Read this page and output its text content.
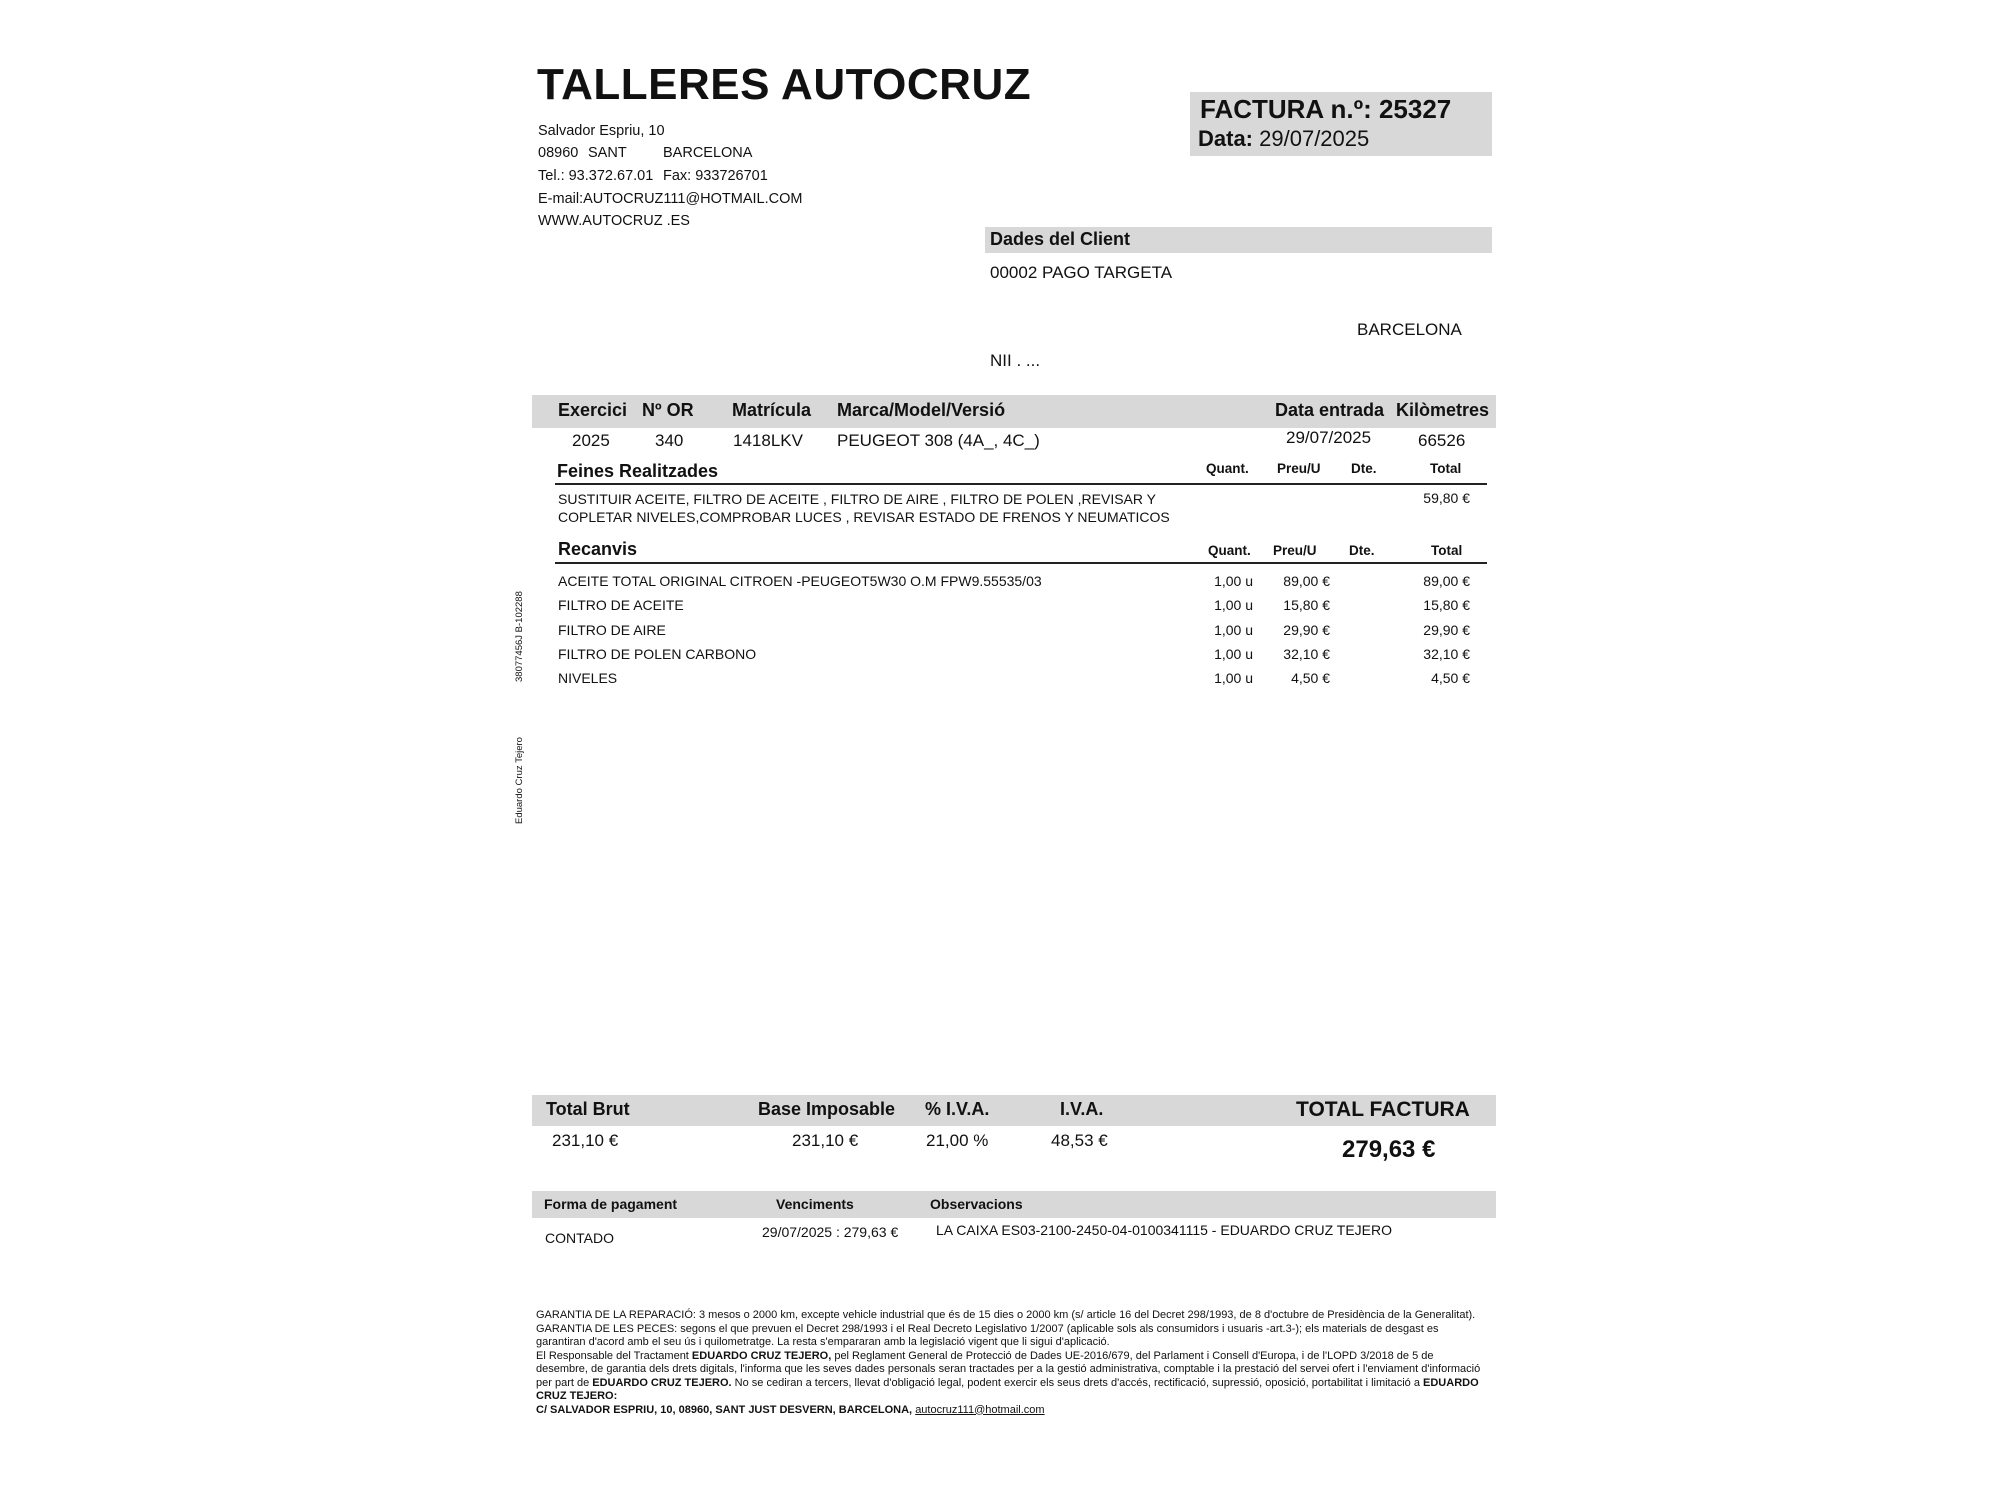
38077456J B-102288
Eduardo Cruz Tejero
TALLERES AUTOCRUZ
Salvador Espriu, 10
08960 SANT	BARCELONA
Tel.: 93.372.67.01 Fax: 933726701
E-mail:AUTOCRUZ111@HOTMAIL.COM
WWW.AUTOCRUZ .ES
FACTURA n.º: 25327
Data: 29/07/2025
Dades del Client
00002 PAGO TARGETA
BARCELONA
NII . ...
Exercici Nº OR Matrícula Marca/Model/Versió	Data entrada Kilòmetres
2025	340	1418LKV PEUGEOT 308 (4A_, 4C_)	29/07/2025	66526
Feines Realitzades	Quant. Preu/U Dte.	Total
SUSTITUIR ACEITE, FILTRO DE ACEITE , FILTRO DE AIRE , FILTRO DE POLEN ,REVISAR Y
COPLETAR NIVELES,COMPROBAR LUCES , REVISAR ESTADO DE FRENOS Y NEUMATICOS
59,80 €
Recanvis	Quant. Preu/U Dte.	Total
ACEITE TOTAL ORIGINAL CITROEN -PEUGEOT5W30 O.M FPW9.55535/03	1,00 u	89,00 €	89,00 €
FILTRO DE ACEITE	1,00 u	15,80 €	15,80 €
FILTRO DE AIRE	1,00 u	29,90 €	29,90 €
FILTRO DE POLEN CARBONO	1,00 u	32,10 €	32,10 €
NIVELES	1,00 u	4,50 €	4,50 €
Total Brut	Base Imposable % I.V.A.	I.V.A.	TOTAL FACTURA
231,10 €	231,10 €	21,00 %	48,53 €	279,63 €
Forma de pagament	Venciments	Observacions
CONTADO	29/07/2025 : 279,63 €	LA CAIXA ES03-2100-2450-04-0100341115 - EDUARDO CRUZ TEJERO

GARANTIA DE LA REPARACIÓ: 3 mesos o 2000 km, excepte vehicle industrial que és de 15 dies o 2000 km (s/ article 16 del Decret 298/1993, de 8 d'octubre de Presidència de la Generalitat).

GARANTIA DE LES PECES: segons el que prevuen el Decret 298/1993 i el Real Decreto Legislativo 1/2007 (aplicable sols als consumidors i usuaris -art.3-); els materials de desgast es garantiran d'acord amb el seu ús i quilometratge. La resta s'empararan amb la legislació vigent que li sigui d'aplicació.

El Responsable del Tractament EDUARDO CRUZ TEJERO, pel Reglament General de Protecció de Dades UE-2016/679, del Parlament i Consell d'Europa, i de l'LOPD 3/2018 de 5 de desembre, de garantia dels drets digitals, l'informa que les seves dades personals seran tractades per a la gestió administrativa, comptable i la prestació del servei ofert i l'enviament d'informació per part de EDUARDO CRUZ TEJERO. No se cediran a tercers, llevat d'obligació legal, podent exercir els seus drets d'accés, rectificació, supressió, oposició, portabilitat i limitació a EDUARDO CRUZ TEJERO:

C/ SALVADOR ESPRIU, 10, 08960, SANT JUST DESVERN, BARCELONA, autocruz111@hotmail.com
